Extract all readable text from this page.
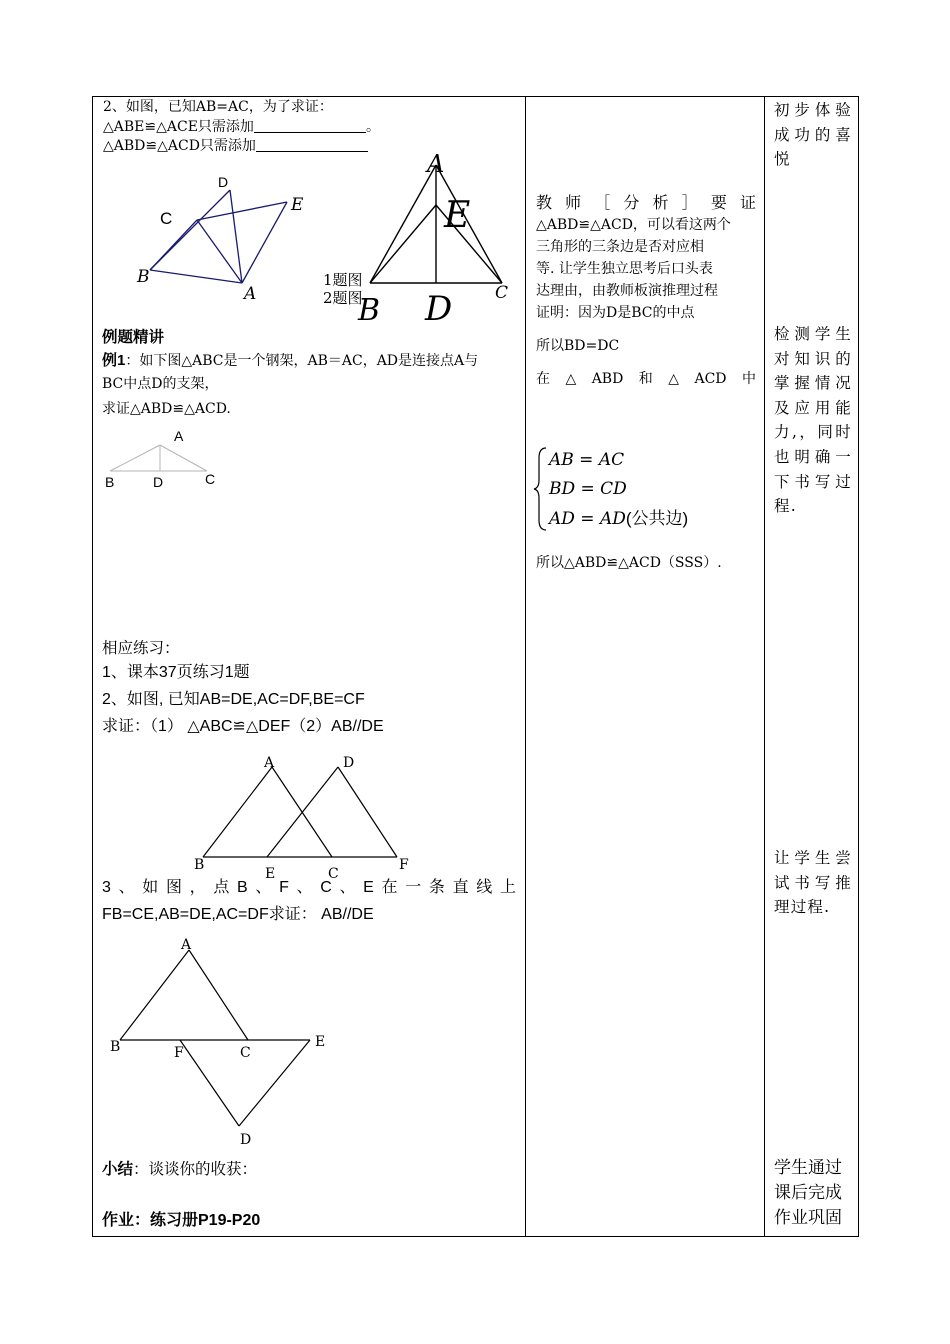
2、如图，已知AB=AC，为了求证：
△ABE≌△ACE只需添加	。
△ABD≌△ACD只需添加
D
E
C
B
A
A
E
C
B D
1题图
2题图
例题精讲
例1：如下图△ABC是一个钢架，AB＝AC，AD是连接点A与
BC中点D的支架，
求证△ABD≌△ACD.
A
B	D	C
相应练习：
1、课本37页练习1题
2、如图, 已知AB=DE,AC=DF,BE=CF
求证：（1） △ABC≌△DEF（2）AB//DE
A	D
B
E	C
F
3、如图，点B、F、C、E在一条直线上
FB=CE,AB=DE,AC=DF求证： AB//DE
A
B	F	C
E
D
小结：谈谈你的收获：
作业：练习册P19-P20
教师［分析］要证
△ABD≌△ACD，可以看这两个
三角形的三条边是否对应相
等. 让学生独立思考后口头表
达理由，由教师板演推理过程
证明：因为D是BC的中点
所以BD=DC
在△ABD和△ACD中
AB = AC
BD = CD
AD = AD(公共边)
所以△ABD≌△ACD（SSS）.
初步体验
成功的喜
悦
检测学生
对知识的
掌握情况
及应用能
力,，同时
也明确一
下书写过
程.
让学生尝
试书写推
理过程.
学生通过
课后完成
作业巩固
